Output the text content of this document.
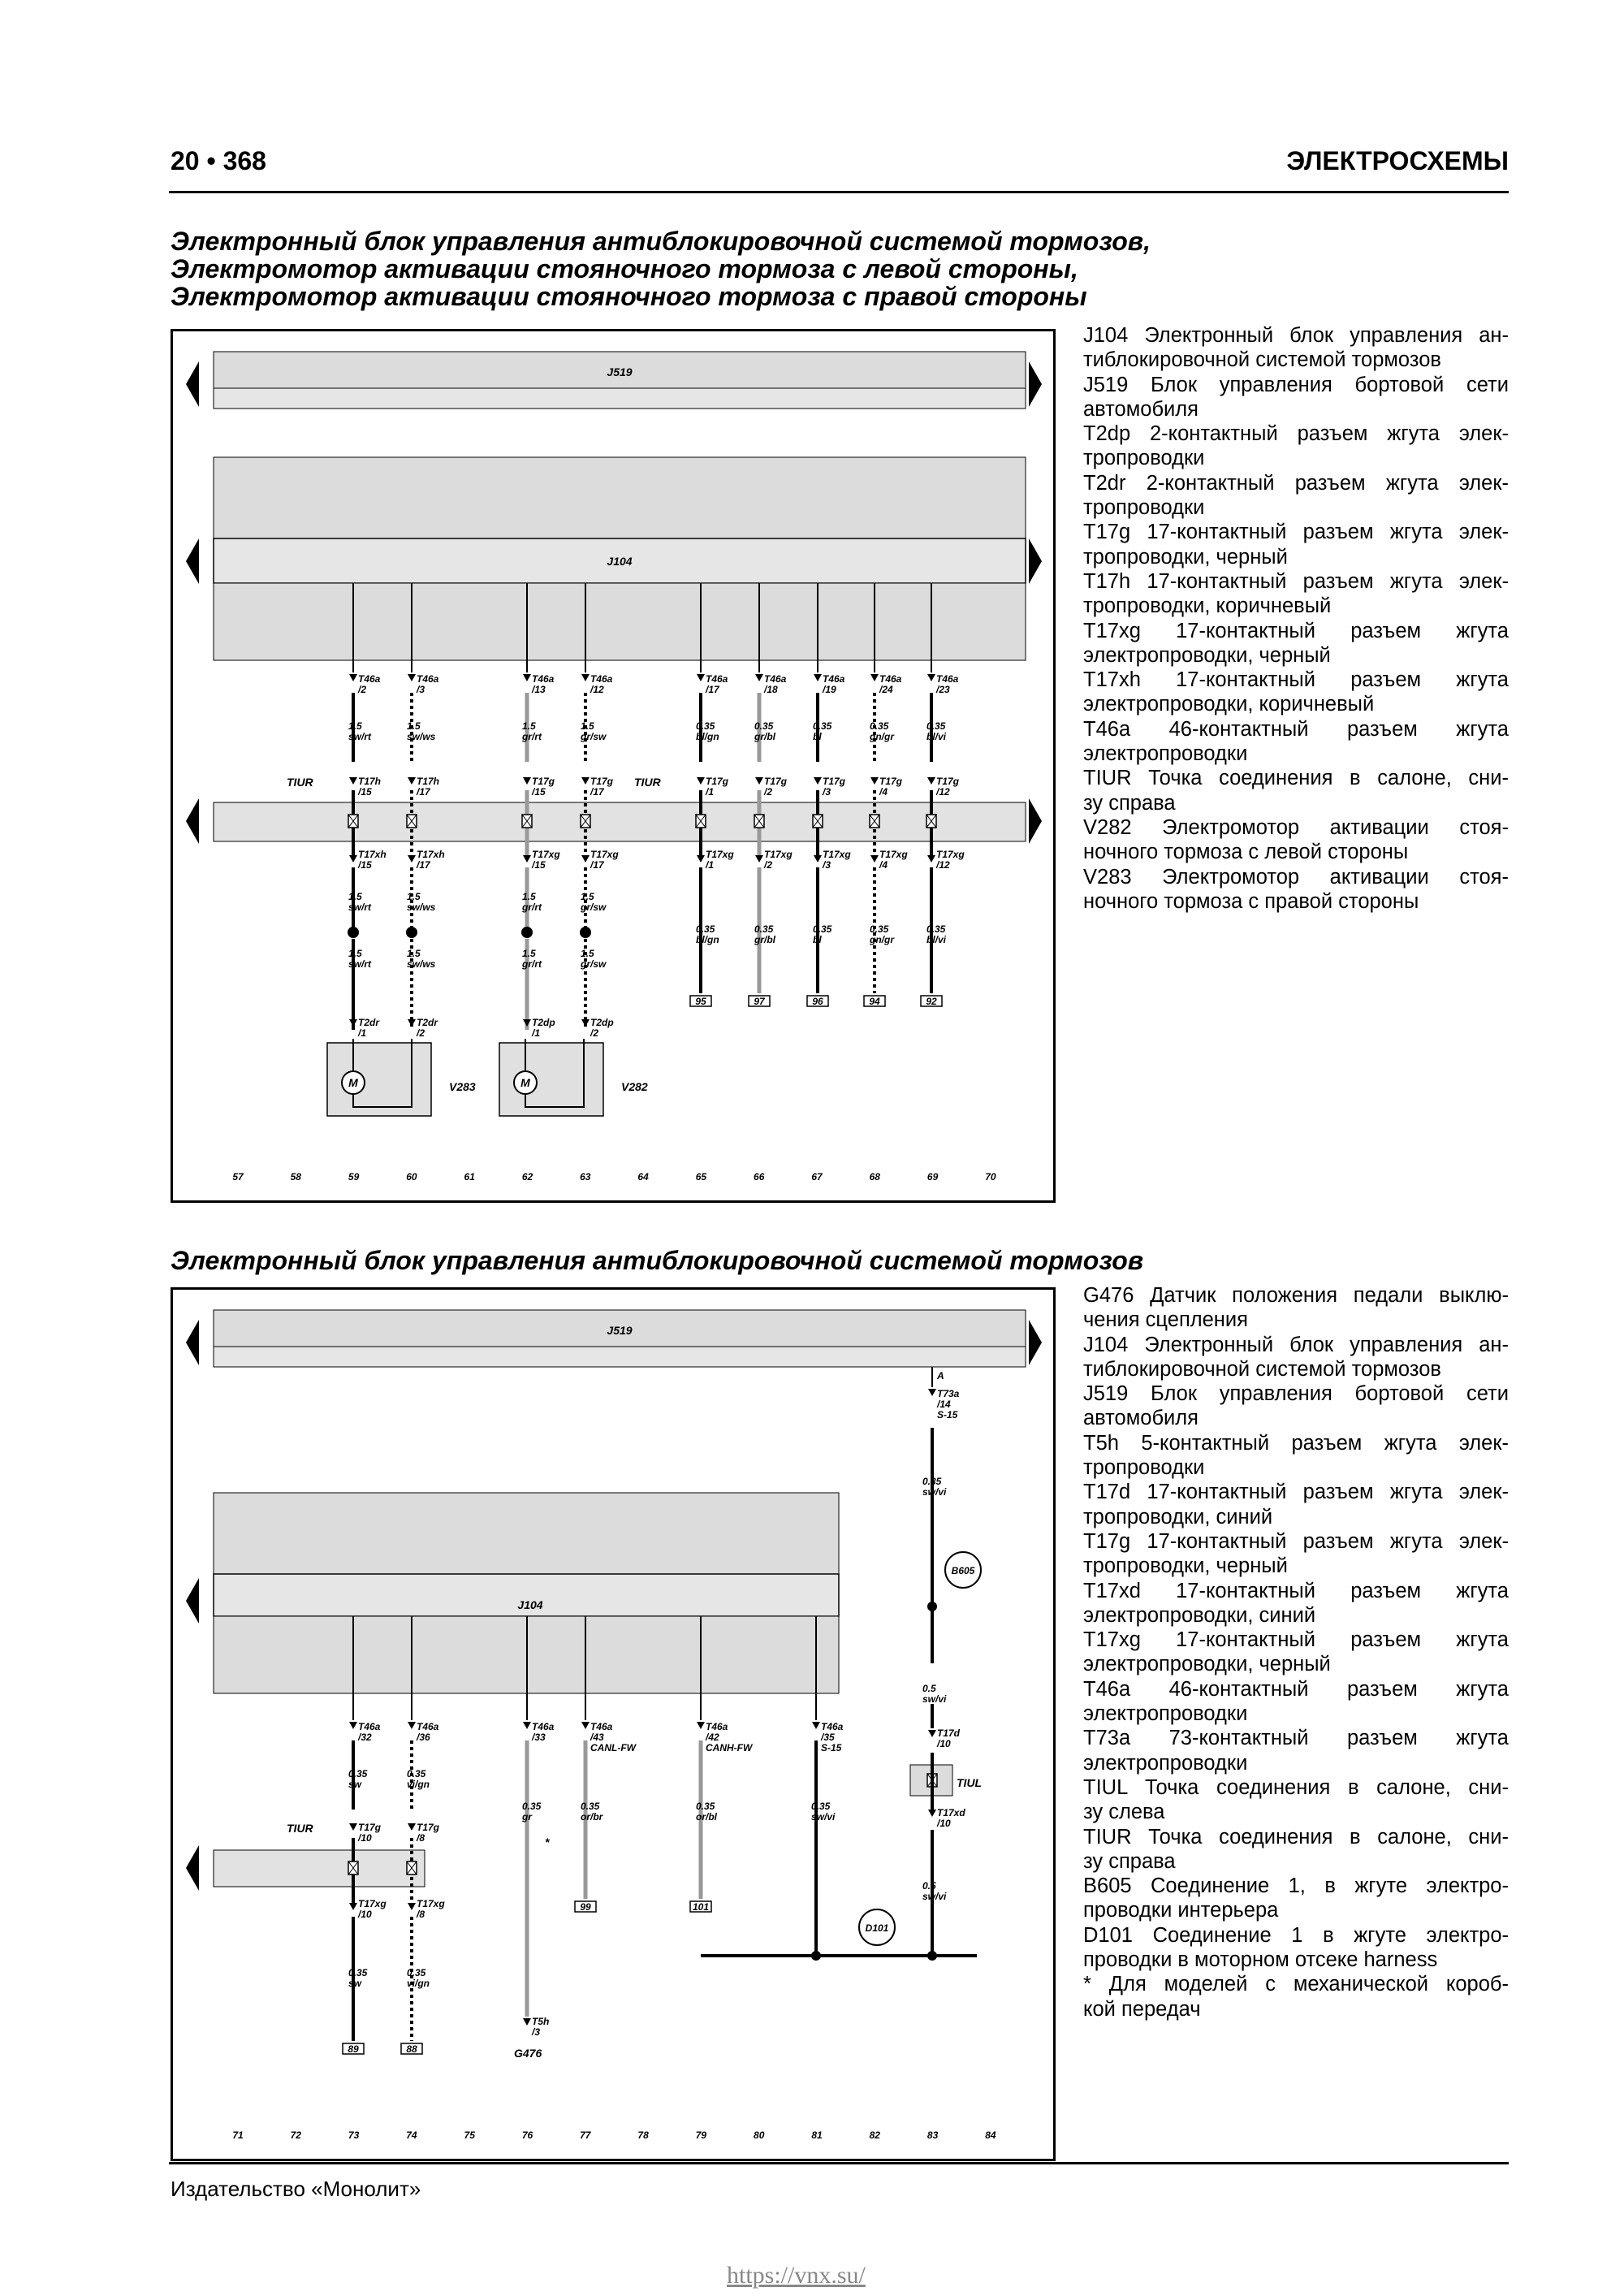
20 • 368	ЭЛЕКТРОСХЕМЫ
Электронный блок управления антиблокировочной системой тормозов,
Электромотор активации стояночного тормоза с левой стороны,
Электромотор активации стояночного тормоза с правой стороны
J519
J104
TIUR	TIUR
T46a /2
1.5 sw/rt
T17h /15
T17xh /15
1.5 sw/rt
1.5 sw/rt
T2dr /1
T46a /3
1.5 sw/ws
T17h /17
T17xh /17
1.5 sw/ws
1.5 sw/ws
T2dr /2
T46a /13
1.5 gr/rt
T17g /15
T17xg /15
1.5 gr/rt
1.5 gr/rt
T2dp /1
T46a /12
1.5 gr/sw
T17g /17
T17xg /17
1.5 gr/sw
1.5 gr/sw
T2dp /2
T46a /17
0.35 bl/gn
T17g /1
T17xg /1
0.35 bl/gn
95
T46a /18
0.35 gr/bl
T17g /2
T17xg /2
0.35 gr/bl
97
T46a /19
0.35 bl
T17g /3
T17xg /3
0.35 bl
96
T46a /24
0.35 gn/gr
T17g /4
T17xg /4
0.35 gn/gr
94
T46a /23
0.35 bl/vi
T17g /12
T17xg /12
0.35 bl/vi
92
M	V283	M	V282
57	58	59	60	61	62	63	64	65	66	67	68	69	70
J104 Электронный блок управления ан-
тиблокировочной системой тормозов
J519 Блок управления бортовой сети
автомобиля
T2dp 2-контактный разъем жгута элек-
тропроводки
T2dr 2-контактный разъем жгута элек-
тропроводки
T17g 17-контактный разъем жгута элек-
тропроводки, черный
T17h 17-контактный разъем жгута элек-
тропроводки, коричневый
T17xg 17-контактный разъем жгута
электропроводки, черный
T17xh 17-контактный разъем жгута
электропроводки, коричневый
T46a 46-контактный разъем жгута
электропроводки
TIUR Точка соединения в салоне, сни-
зу справа
V282 Электромотор активации стоя-
ночного тормоза с левой стороны
V283 Электромотор активации стоя-
ночного тормоза с правой стороны
Электронный блок управления антиблокировочной системой тормозов
J519
J104
TIUR
T46a /32
0.35 sw
T17g /10
T17xg /10
0.35 sw
89
T46a /36
0.35 vi/gn
T17g /8
T17xg /8
0.35 vi/gn
88
T46a /33
0.35 gr
*
T5h /3
G476
T46a /43 CANL-FW
0.35 or/br
99
T46a /42 CANH-FW
0.35 or/bl
101
T46a /35 S-15
0.35 sw/vi
A
T73a /14 S-15
0.35 sw/vi
B605
0.5 sw/vi
T17d /10
TIUL
T17xd /10
0.5 sw/vi
D101
71	72	73	74	75	76	77	78	79	80	81	82	83	84
G476 Датчик положения педали выклю-
чения сцепления
J104 Электронный блок управления ан-
тиблокировочной системой тормозов
J519 Блок управления бортовой сети
автомобиля
T5h 5-контактный разъем жгута элек-
тропроводки
T17d 17-контактный разъем жгута элек-
тропроводки, синий
T17g 17-контактный разъем жгута элек-
тропроводки, черный
T17xd 17-контактный разъем жгута
электропроводки, синий
T17xg 17-контактный разъем жгута
электропроводки, черный
T46a 46-контактный разъем жгута
электропроводки
T73a 73-контактный разъем жгута
электропроводки
TIUL Точка соединения в салоне, сни-
зу слева
TIUR Точка соединения в салоне, сни-
зу справа
B605 Соединение 1, в жгуте электро-
проводки интерьера
D101 Соединение 1 в жгуте электро-
проводки в моторном отсеке harness
* Для моделей с механической короб-
кой передач
Издательство «Монолит»
https://vnx.su/
